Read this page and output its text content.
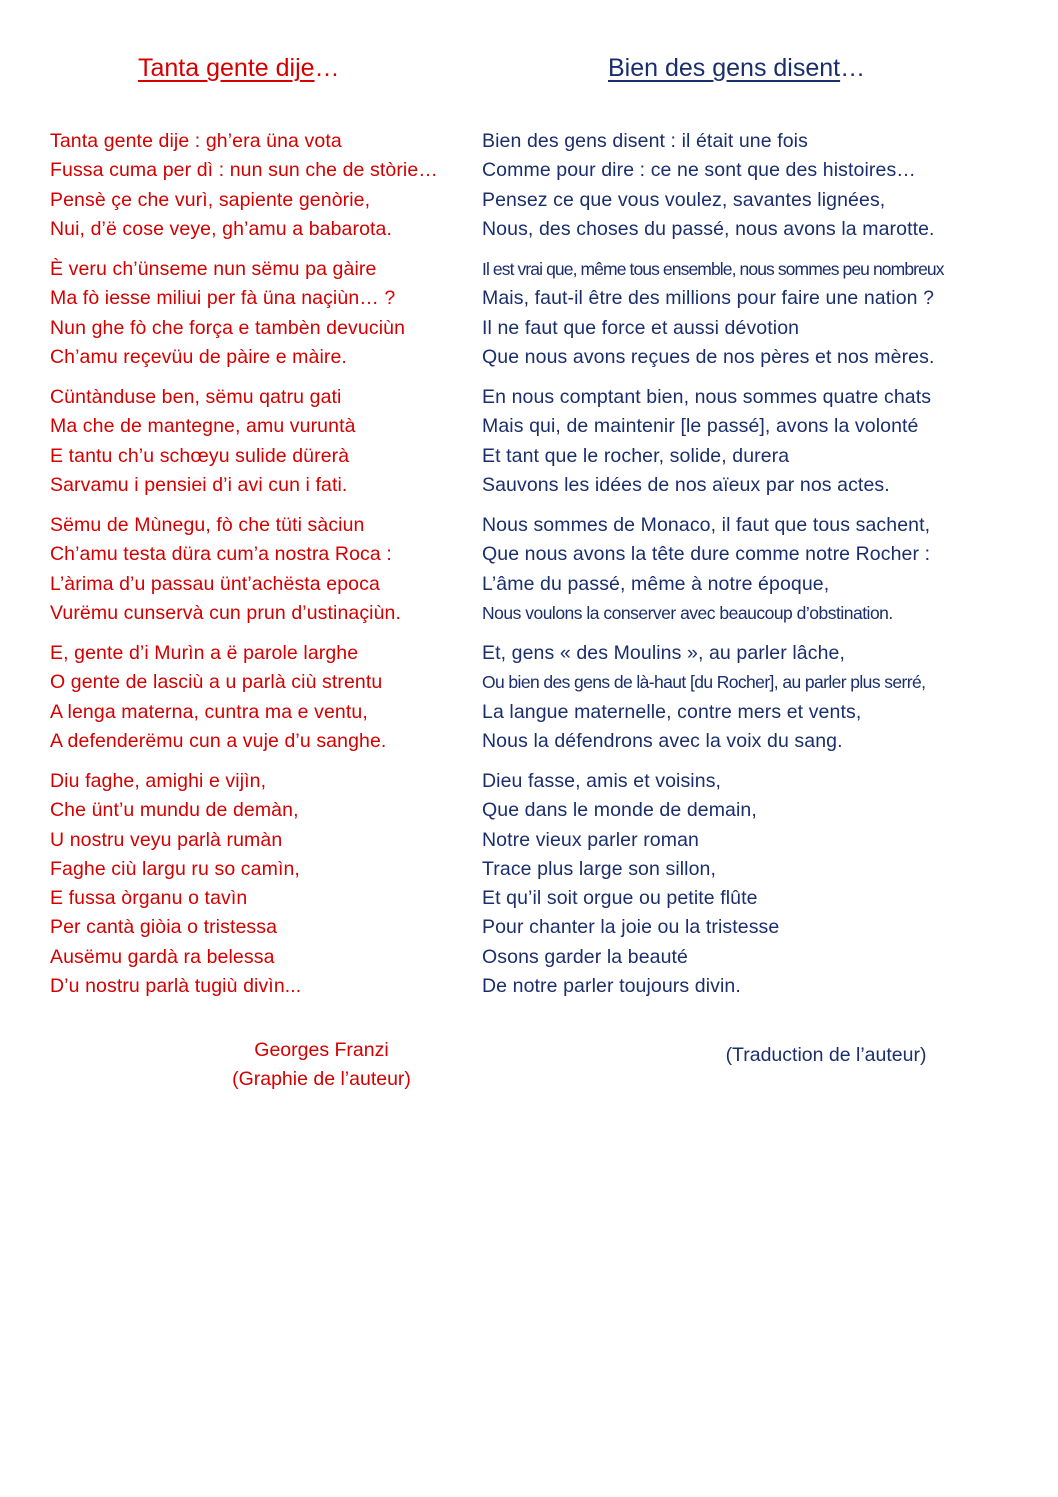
Tanta gente dije…	Bien des gens disent…
Tanta gente dije : gh’era üna vota
Fussa cuma per dì : nun sun che de stòrie…
Pensè çe che vurì, sapiente genòrie,
Nui, d’ë cose veye, gh’amu a babarota.
È veru ch’ünseme nun sëmu pa gàire
Ma fò iesse miliui per fà üna naçiùn… ?
Nun ghe fò che força e tambèn devuciùn
Ch’amu reçevüu de pàire e màire.
Cüntànduse ben, sëmu qatru gati
Ma che de mantegne, amu vuruntà
E tantu ch’u schœyu sulide dürerà
Sarvamu i pensiei d’i avi cun i fati.
Sëmu de Mùnegu, fò che tüti sàciun
Ch’amu testa düra cum’a nostra Roca :
L’àrima d’u passau ünt’achësta epoca
Vurëmu cunservà cun prun d’ustinaçiùn.
E, gente d’i Murìn a ë parole larghe
O gente de lasciù a u parlà ciù strentu
A lenga materna, cuntra ma e ventu,
A defenderëmu cun a vuje d’u sanghe.
Diu faghe, amighi e vijìn,
Che ünt’u mundu de demàn,
U nostru veyu parlà rumàn
Faghe ciù largu ru so camìn,
E fussa òrganu o tavìn
Per cantà giòia o tristessa
Ausëmu gardà ra belessa
D’u nostru parlà tugiù divìn...
Bien des gens disent : il était une fois
Comme pour dire : ce ne sont que des histoires…
Pensez ce que vous voulez, savantes lignées,
Nous, des choses du passé, nous avons la marotte.
Il est vrai que, même tous ensemble, nous sommes peu nombreux
Mais, faut-il être des millions pour faire une nation ?
Il ne faut que force et aussi dévotion
Que nous avons reçues de nos pères et nos mères.
En nous comptant bien, nous sommes quatre chats
Mais qui, de maintenir [le passé], avons la volonté
Et tant que le rocher, solide, durera
Sauvons les idées de nos aïeux par nos actes.
Nous sommes de Monaco, il faut que tous sachent,
Que nous avons la tête dure comme notre Rocher :
L’âme du passé, même à notre époque,
Nous voulons la conserver avec beaucoup d’obstination.
Et, gens « des Moulins », au parler lâche,
Ou bien des gens de là-haut [du Rocher], au parler plus serré,
La langue maternelle, contre mers et vents,
Nous la défendrons avec la voix du sang.
Dieu fasse, amis et voisins,
Que dans le monde de demain,
Notre vieux parler roman
Trace plus large son sillon,
Et qu’il soit orgue ou petite flûte
Pour chanter la joie ou la tristesse
Osons garder la beauté
De notre parler toujours divin.
Georges Franzi
(Graphie de l’auteur)
(Traduction de l’auteur)
